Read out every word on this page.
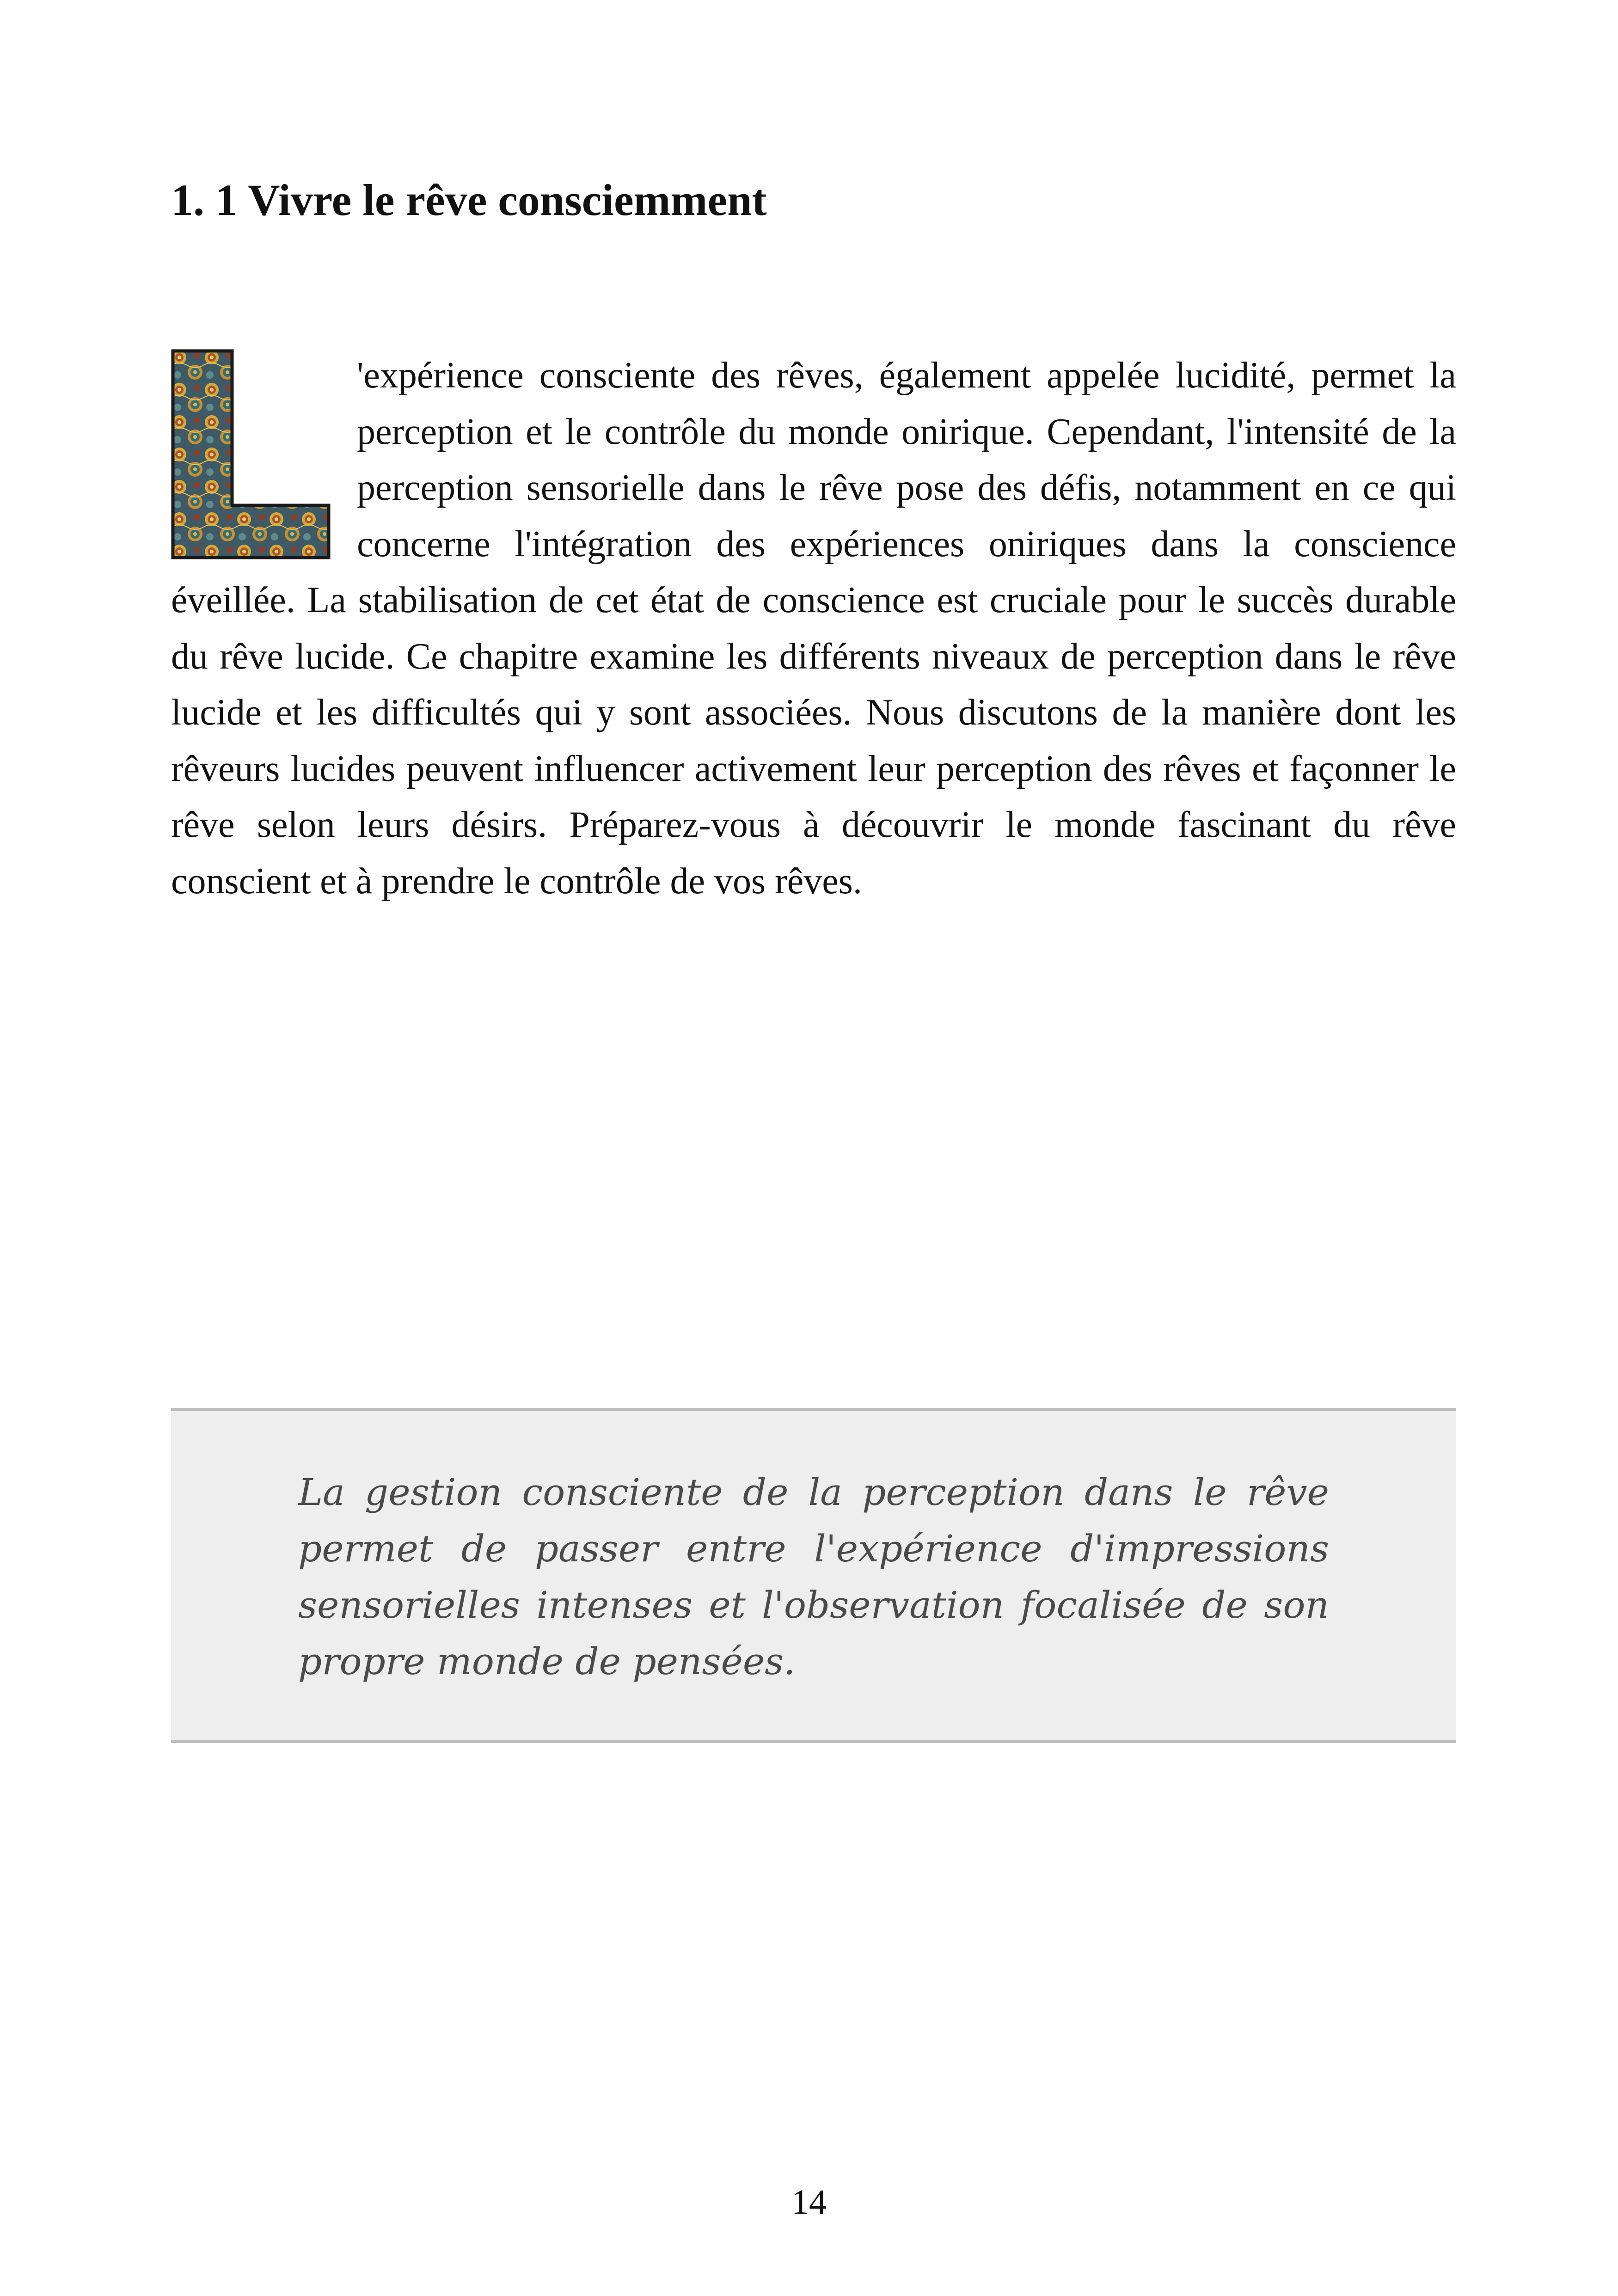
1. 1 Vivre le rêve consciemment

'expérience consciente des rêves, également appelée lucidité, permet la perception et le contrôle du monde onirique. Cependant, l'intensité de la perception sensorielle dans le rêve pose des défis, notamment en ce qui concerne l'intégration des expériences oniriques dans la conscience éveillée. La stabilisation de cet état de conscience est cruciale pour le succès durable du rêve lucide. Ce chapitre examine les différents niveaux de perception dans le rêve lucide et les difficultés qui y sont associées. Nous discutons de la manière dont les rêveurs lucides peuvent influencer activement leur perception des rêves et façonner le rêve selon leurs désirs. Préparez-vous à découvrir le monde fascinant du rêve conscient et à prendre le contrôle de vos rêves.

La gestion consciente de la perception dans le rêve permet de passer entre l'expérience d'impressions sensorielles intenses et l'observation focalisée de son propre monde de pensées.

14
